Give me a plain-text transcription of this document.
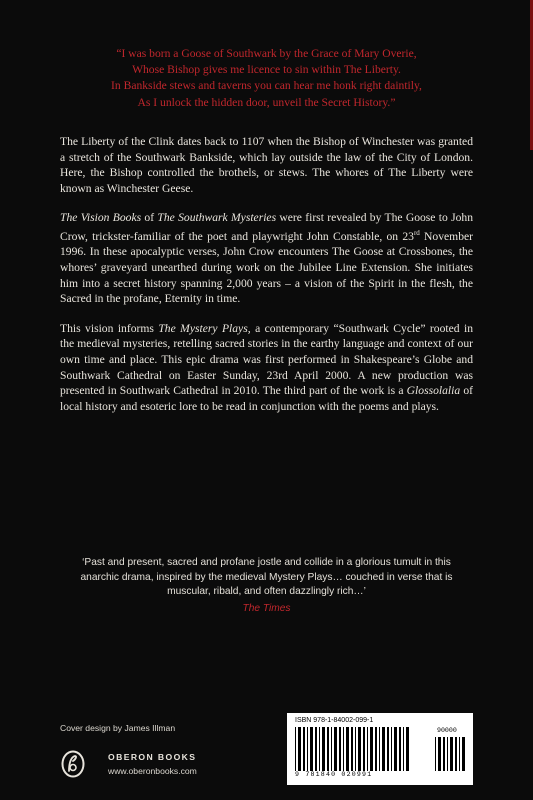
“I was born a Goose of Southwark by the Grace of Mary Overie,
Whose Bishop gives me licence to sin within The Liberty.
In Bankside stews and taverns you can hear me honk right daintily,
As I unlock the hidden door, unveil the Secret History.”

The Liberty of the Clink dates back to 1107 when the Bishop of Winchester was granted a stretch of the Southwark Bankside, which lay outside the law of the City of London. Here, the Bishop controlled the brothels, or stews. The whores of The Liberty were known as Winchester Geese.

The Vision Books of The Southwark Mysteries were first revealed by The Goose to John Crow, trickster-familiar of the poet and playwright John Constable, on 23rd November 1996. In these apocalyptic verses, John Crow encounters The Goose at Crossbones, the whores’ graveyard unearthed during work on the Jubilee Line Extension. She initiates him into a secret history spanning 2,000 years – a vision of the Spirit in the flesh, the Sacred in the profane, Eternity in time.

This vision informs The Mystery Plays, a contemporary “Southwark Cycle” rooted in the medieval mysteries, retelling sacred stories in the earthy language and context of our own time and place. This epic drama was first performed in Shakespeare’s Globe and Southwark Cathedral on Easter Sunday, 23rd April 2000. A new production was presented in Southwark Cathedral in 2010. The third part of the work is a Glossolalia of local history and esoteric lore to be read in conjunction with the poems and plays.

‘Past and present, sacred and profane jostle and collide in a glorious tumult in this anarchic drama, inspired by the medieval Mystery Plays… couched in verse that is muscular, ribald, and often dazzlingly rich…’
The Times
Cover design by James Illman
OBERON BOOKS
www.oberonbooks.com
ISBN 978-1-84002-099-1
9 781840 020991
90000
